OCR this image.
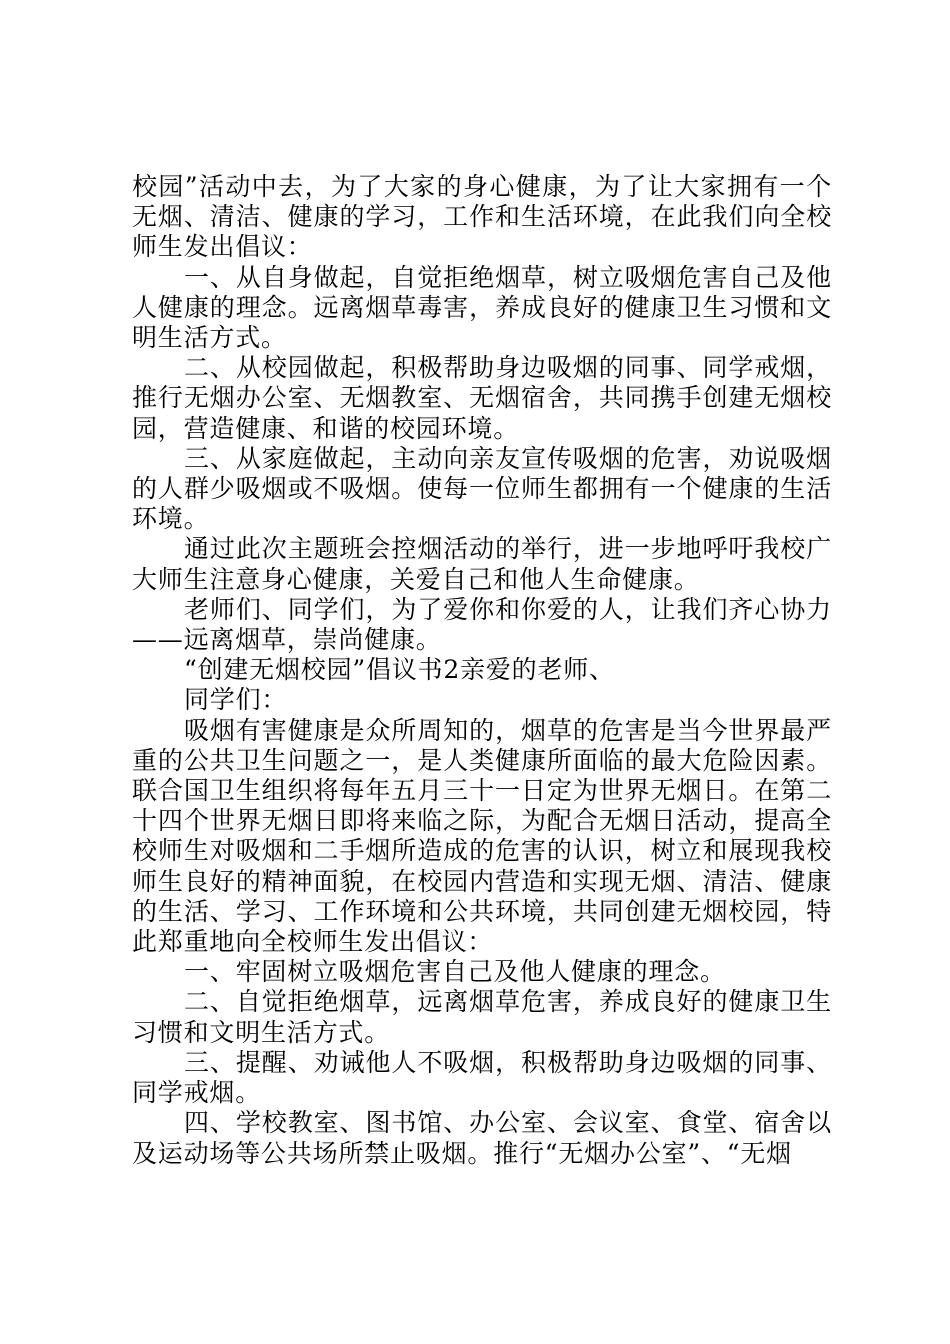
校园”活动中去，为了大家的身心健康，为了让大家拥有一个无烟、清洁、健康的学习，工作和生活环境，在此我们向全校师生发出倡议：

一、从自身做起，自觉拒绝烟草，树立吸烟危害自己及他人健康的理念。远离烟草毒害，养成良好的健康卫生习惯和文明生活方式。

二、从校园做起，积极帮助身边吸烟的同事、同学戒烟，推行无烟办公室、无烟教室、无烟宿舍，共同携手创建无烟校园，营造健康、和谐的校园环境。

三、从家庭做起，主动向亲友宣传吸烟的危害，劝说吸烟的人群少吸烟或不吸烟。使每一位师生都拥有一个健康的生活环境。

通过此次主题班会控烟活动的举行，进一步地呼吁我校广大师生注意身心健康，关爱自己和他人生命健康。

老师们、同学们，为了爱你和你爱的人，让我们齐心协力——远离烟草，崇尚健康。

“创建无烟校园”倡议书2亲爱的老师、

同学们：

吸烟有害健康是众所周知的，烟草的危害是当今世界最严重的公共卫生问题之一，是人类健康所面临的最大危险因素。联合国卫生组织将每年五月三十一日定为世界无烟日。在第二十四个世界无烟日即将来临之际，为配合无烟日活动，提高全校师生对吸烟和二手烟所造成的危害的认识，树立和展现我校师生良好的精神面貌，在校园内营造和实现无烟、清洁、健康的生活、学习、工作环境和公共环境，共同创建无烟校园，特此郑重地向全校师生发出倡议：

一、牢固树立吸烟危害自己及他人健康的理念。

二、自觉拒绝烟草，远离烟草危害，养成良好的健康卫生习惯和文明生活方式。

三、提醒、劝诫他人不吸烟，积极帮助身边吸烟的同事、同学戒烟。

四、学校教室、图书馆、办公室、会议室、食堂、宿舍以及运动场等公共场所禁止吸烟。推行“无烟办公室”、“无烟
